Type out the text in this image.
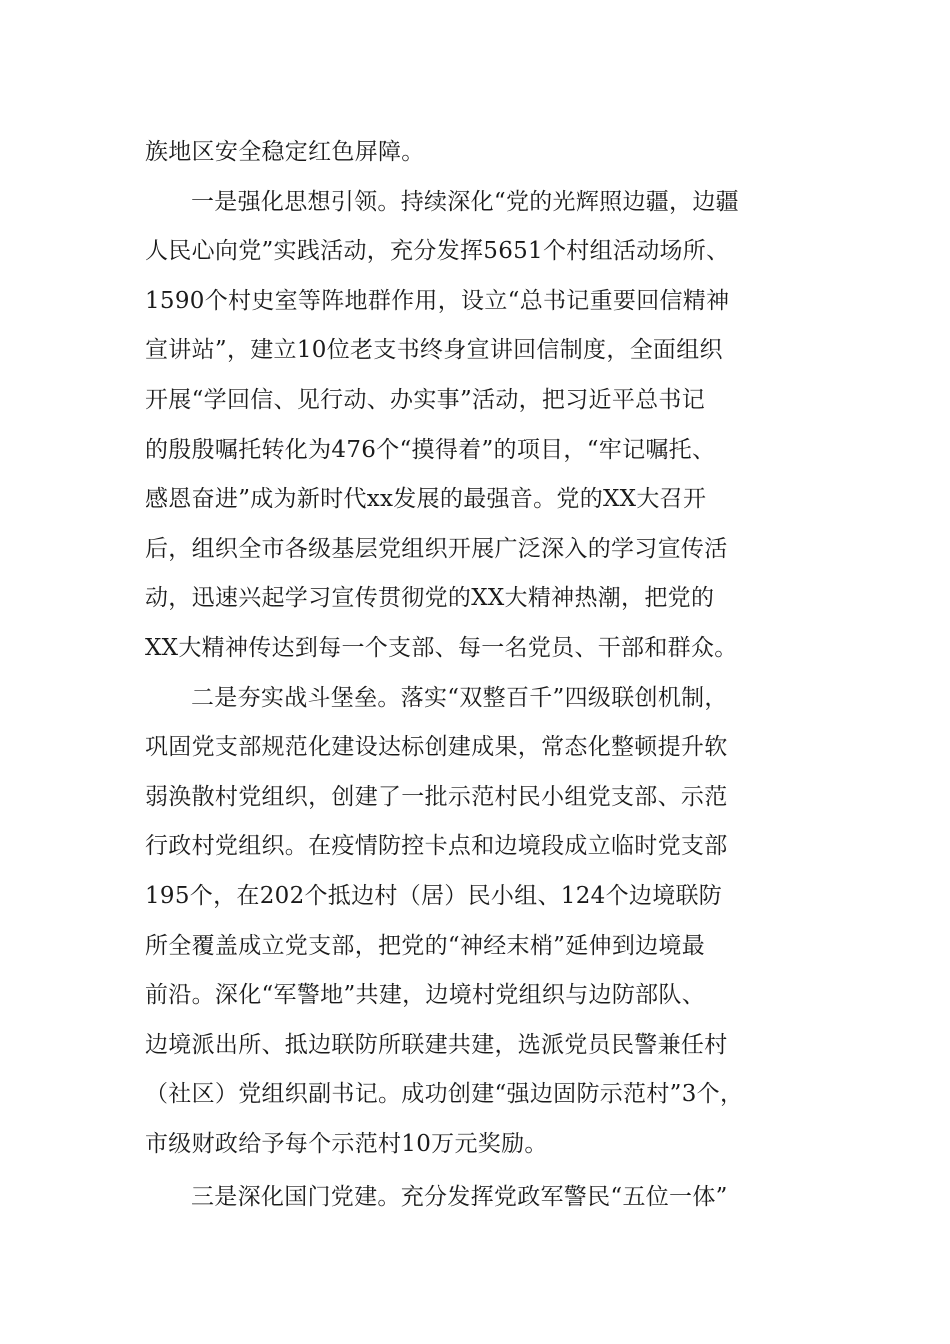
族地区安全稳定红色屏障。
一是强化思想引领。持续深化“党的光辉照边疆，边疆
人民心向党”实践活动，充分发挥5651个村组活动场所、
1590个村史室等阵地群作用，设立“总书记重要回信精神
宣讲站”，建立10位老支书终身宣讲回信制度，全面组织
开展“学回信、见行动、办实事”活动，把习近平总书记
的殷殷嘱托转化为476个“摸得着”的项目，“牢记嘱托、
感恩奋进”成为新时代xx发展的最强音。党的XX大召开
后，组织全市各级基层党组织开展广泛深入的学习宣传活
动，迅速兴起学习宣传贯彻党的XX大精神热潮，把党的
XX大精神传达到每一个支部、每一名党员、干部和群众。
二是夯实战斗堡垒。落实“双整百千”四级联创机制，
巩固党支部规范化建设达标创建成果，常态化整顿提升软
弱涣散村党组织，创建了一批示范村民小组党支部、示范
行政村党组织。在疫情防控卡点和边境段成立临时党支部
195个，在202个抵边村（居）民小组、124个边境联防
所全覆盖成立党支部，把党的“神经末梢”延伸到边境最
前沿。深化“军警地”共建，边境村党组织与边防部队、
边境派出所、抵边联防所联建共建，选派党员民警兼任村
（社区）党组织副书记。成功创建“强边固防示范村”3个，
市级财政给予每个示范村10万元奖励。
三是深化国门党建。充分发挥党政军警民“五位一体”
